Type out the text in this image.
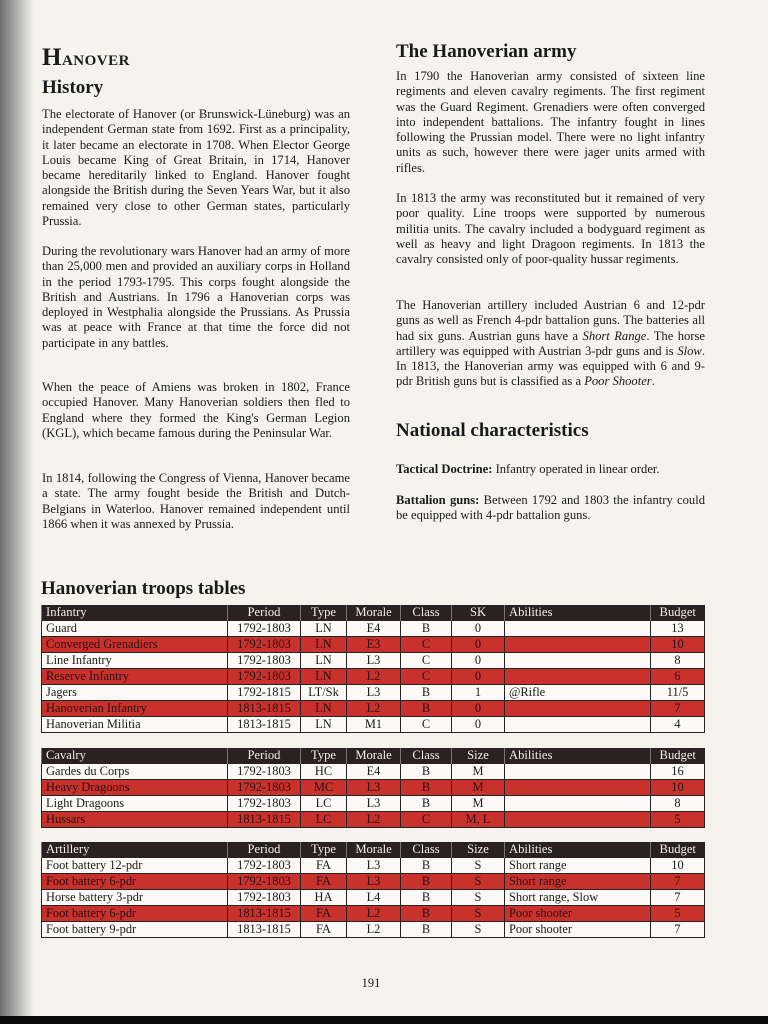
Hanover
History

The electorate of Hanover (or Brunswick-Lüneburg) was an independent German state from 1692. First as a principality, it later became an electorate in 1708. When Elector George Louis became King of Great Britain, in 1714, Hanover became hereditarily linked to England. Hanover fought alongside the British during the Seven Years War, but it also remained very close to other German states, particularly Prussia.

During the revolutionary wars Hanover had an army of more than 25,000 men and provided an auxiliary corps in Holland in the period 1793-1795. This corps fought alongside the British and Austrians. In 1796 a Hanoverian corps was deployed in Westphalia alongside the Prussians. As Prussia was at peace with France at that time the force did not participate in any battles.

When the peace of Amiens was broken in 1802, France occupied Hanover. Many Hanoverian soldiers then fled to England where they formed the King's German Legion (KGL), which became famous during the Peninsular War.

In 1814, following the Congress of Vienna, Hanover became a state. The army fought beside the British and Dutch-Belgians in Waterloo. Hanover remained independent until 1866 when it was annexed by Prussia.

The Hanoverian army

In 1790 the Hanoverian army consisted of sixteen line regiments and eleven cavalry regiments. The first regiment was the Guard Regiment. Grenadiers were often converged into independent battalions. The infantry fought in lines following the Prussian model. There were no light infantry units as such, however there were jager units armed with rifles.

In 1813 the army was reconstituted but it remained of very poor quality. Line troops were supported by numerous militia units. The cavalry included a bodyguard regiment as well as heavy and light Dragoon regiments. In 1813 the cavalry consisted only of poor-quality hussar regiments.

The Hanoverian artillery included Austrian 6 and 12-pdr guns as well as French 4-pdr battalion guns. The batteries all had six guns. Austrian guns have a Short Range. The horse artillery was equipped with Austrian 3-pdr guns and is Slow. In 1813, the Hanoverian army was equipped with 6 and 9-pdr British guns but is classified as a Poor Shooter.

National characteristics

Tactical Doctrine: Infantry operated in linear order.

Battalion guns: Between 1792 and 1803 the infantry could be equipped with 4-pdr battalion guns.

Hanoverian troops tables
Infantry	Period	Type	Morale	Class	SK	Abilities	Budget
Guard	1792-1803	LN	E4	B	0		13
Converged Grenadiers	1792-1803	LN	E3	C	0		10
Line Infantry	1792-1803	LN	L3	C	0		8
Reserve Infantry	1792-1803	LN	L2	C	0		6
Jagers	1792-1815	LT/Sk	L3	B	1	@Rifle	11/5
Hanoverian Infantry	1813-1815	LN	L2	B	0		7
Hanoverian Militia	1813-1815	LN	M1	C	0		4
Cavalry	Period	Type	Morale	Class	Size	Abilities	Budget
Gardes du Corps	1792-1803	HC	E4	B	M		16
Heavy Dragoons	1792-1803	MC	L3	B	M		10
Light Dragoons	1792-1803	LC	L3	B	M		8
Hussars	1813-1815	LC	L2	C	M, L		5
Artillery	Period	Type	Morale	Class	Size	Abilities	Budget
Foot battery 12-pdr	1792-1803	FA	L3	B	S	Short range	10
Foot battery 6-pdr	1792-1803	FA	L3	B	S	Short range	7
Horse battery 3-pdr	1792-1803	HA	L4	B	S	Short range, Slow	7
Foot battery 6-pdr	1813-1815	FA	L2	B	S	Poor shooter	5
Foot battery 9-pdr	1813-1815	FA	L2	B	S	Poor shooter	7
191
